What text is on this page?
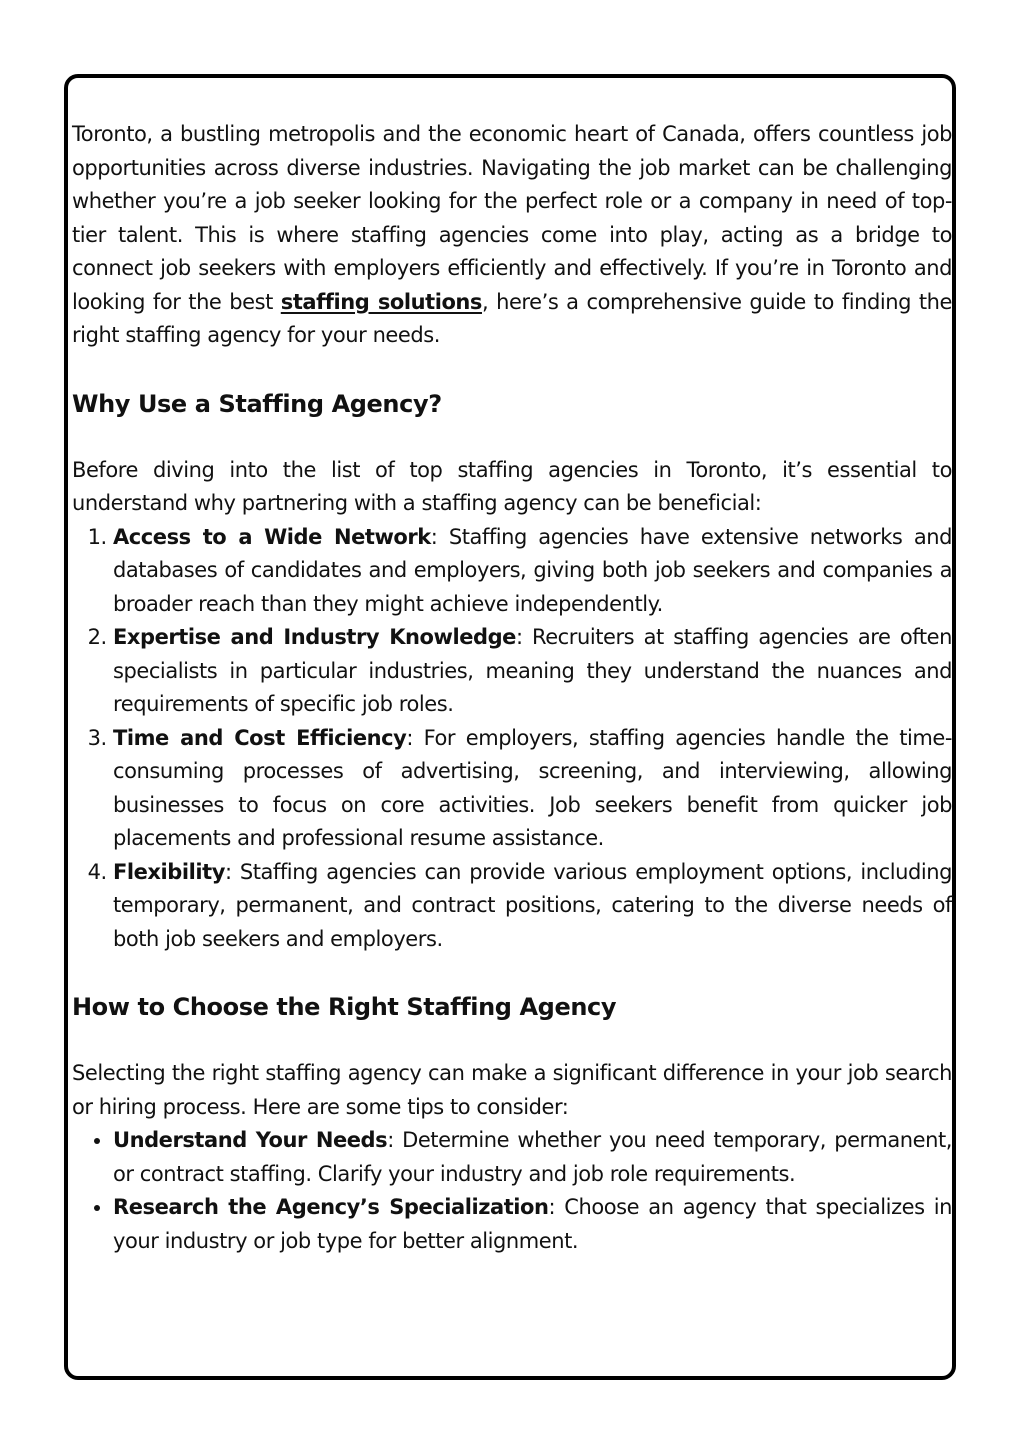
Toronto, a bustling metropolis and the economic heart of Canada, offers countless job opportunities across diverse industries. Navigating the job market can be challenging whether you’re a job seeker looking for the perfect role or a company in need of top-tier talent. This is where staffing agencies come into play, acting as a bridge to connect job seekers with employers efficiently and effectively. If you’re in Toronto and looking for the best staffing solutions, here’s a comprehensive guide to finding the right staffing agency for your needs.

Why Use a Staffing Agency?

Before diving into the list of top staffing agencies in Toronto, it’s essential to understand why partnering with a staffing agency can be beneficial:

1. Access to a Wide Network: Staffing agencies have extensive networks and databases of candidates and employers, giving both job seekers and companies a broader reach than they might achieve independently.
2. Expertise and Industry Knowledge: Recruiters at staffing agencies are often specialists in particular industries, meaning they understand the nuances and requirements of specific job roles.
3. Time and Cost Efficiency: For employers, staffing agencies handle the time-consuming processes of advertising, screening, and interviewing, allowing businesses to focus on core activities. Job seekers benefit from quicker job placements and professional resume assistance.
4. Flexibility: Staffing agencies can provide various employment options, including temporary, permanent, and contract positions, catering to the diverse needs of both job seekers and employers.
How to Choose the Right Staffing Agency

Selecting the right staffing agency can make a significant difference in your job search or hiring process. Here are some tips to consider:

• Understand Your Needs: Determine whether you need temporary, permanent, or contract staffing. Clarify your industry and job role requirements.
• Research the Agency’s Specialization: Choose an agency that specializes in your industry or job type for better alignment.
